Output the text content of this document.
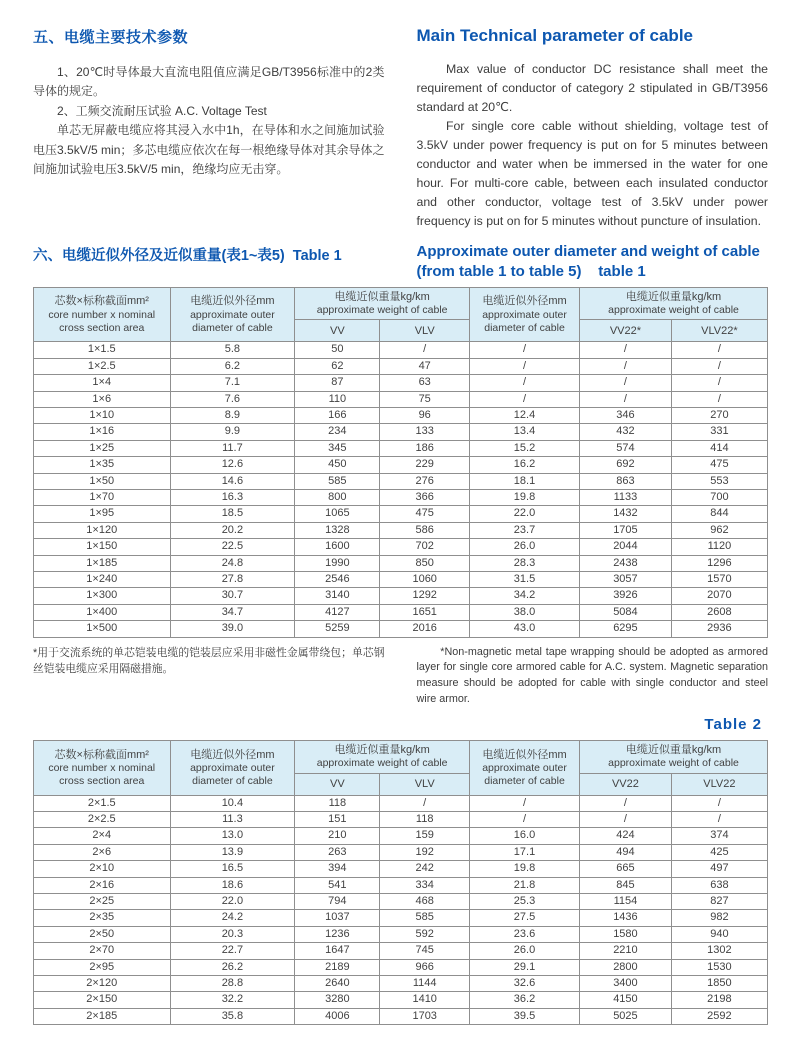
五、电缆主要技术参数

1、20℃时导体最大直流电阻值应满足GB/T3956标准中的2类导体的规定。

2、工频交流耐压试验 A.C. Voltage Test

单芯无屏蔽电缆应将其浸入水中1h，在导体和水之间施加试验电压3.5kV/5 min；多芯电缆应依次在每一根绝缘导体对其余导体之间施加试验电压3.5kV/5 min，绝缘均应无击穿。

Main Technical parameter of cable

Max value of conductor DC resistance shall meet the requirement of conductor of category 2 stipulated in GB/T3956 standard at 20℃.

For single core cable without shielding, voltage test of 3.5kV under power frequency is put on for 5 minutes between conductor and water when be immersed in the water for one hour. For multi-core cable, between each insulated conductor and other conductor, voltage test of 3.5kV under power frequency is put on for 5 minutes without puncture of insulation.

六、电缆近似外径及近似重量(表1~表5)  Table 1	Approximate outer diameter and weight of cable (from table 1 to table 5)    table 1
芯数×标称截面mm²
core number x nominal cross section area

电缆近似外径mm
approximate outer diameter of cable

电缆近似重量kg/km
approximate weight of cable

电缆近似外径mm
approximate outer diameter of cable

电缆近似重量kg/km
approximate weight of cable

		VV	VLV		VV22*	VLV22*
1×1.5	5.8	50	/	/	/	/
1×2.5	6.2	62	47	/	/	/
1×4	7.1	87	63	/	/	/
1×6	7.6	110	75	/	/	/
1×10	8.9	166	96	12.4	346	270
1×16	9.9	234	133	13.4	432	331
1×25	11.7	345	186	15.2	574	414
1×35	12.6	450	229	16.2	692	475
1×50	14.6	585	276	18.1	863	553
1×70	16.3	800	366	19.8	1133	700
1×95	18.5	1065	475	22.0	1432	844
1×120	20.2	1328	586	23.7	1705	962
1×150	22.5	1600	702	26.0	2044	1120
1×185	24.8	1990	850	28.3	2438	1296
1×240	27.8	2546	1060	31.5	3057	1570
1×300	30.7	3140	1292	34.2	3926	2070
1×400	34.7	4127	1651	38.0	5084	2608
1×500	39.0	5259	2016	43.0	6295	2936

*用于交流系统的单芯铠装电缆的铠装层应采用非磁性金属带绕包；单芯钢丝铠装电缆应采用隔磁措施。

*Non-magnetic metal tape wrapping should be adopted as armored layer for single core armored cable for A.C. system. Magnetic separation measure should be adopted for cable with single conductor and steel wire armor.

Table 2
芯数×标称截面mm²
core number x nominal cross section area

电缆近似外径mm
approximate outer diameter of cable

电缆近似重量kg/km
approximate weight of cable

电缆近似外径mm
approximate outer diameter of cable

电缆近似重量kg/km
approximate weight of cable

		VV	VLV		VV22	VLV22
2×1.5	10.4	118	/	/	/	/
2×2.5	11.3	151	118	/	/	/
2×4	13.0	210	159	16.0	424	374
2×6	13.9	263	192	17.1	494	425
2×10	16.5	394	242	19.8	665	497
2×16	18.6	541	334	21.8	845	638
2×25	22.0	794	468	25.3	1154	827
2×35	24.2	1037	585	27.5	1436	982
2×50	20.3	1236	592	23.6	1580	940
2×70	22.7	1647	745	26.0	2210	1302
2×95	26.2	2189	966	29.1	2800	1530
2×120	28.8	2640	1144	32.6	3400	1850
2×150	32.2	3280	1410	36.2	4150	2198
2×185	35.8	4006	1703	39.5	5025	2592
